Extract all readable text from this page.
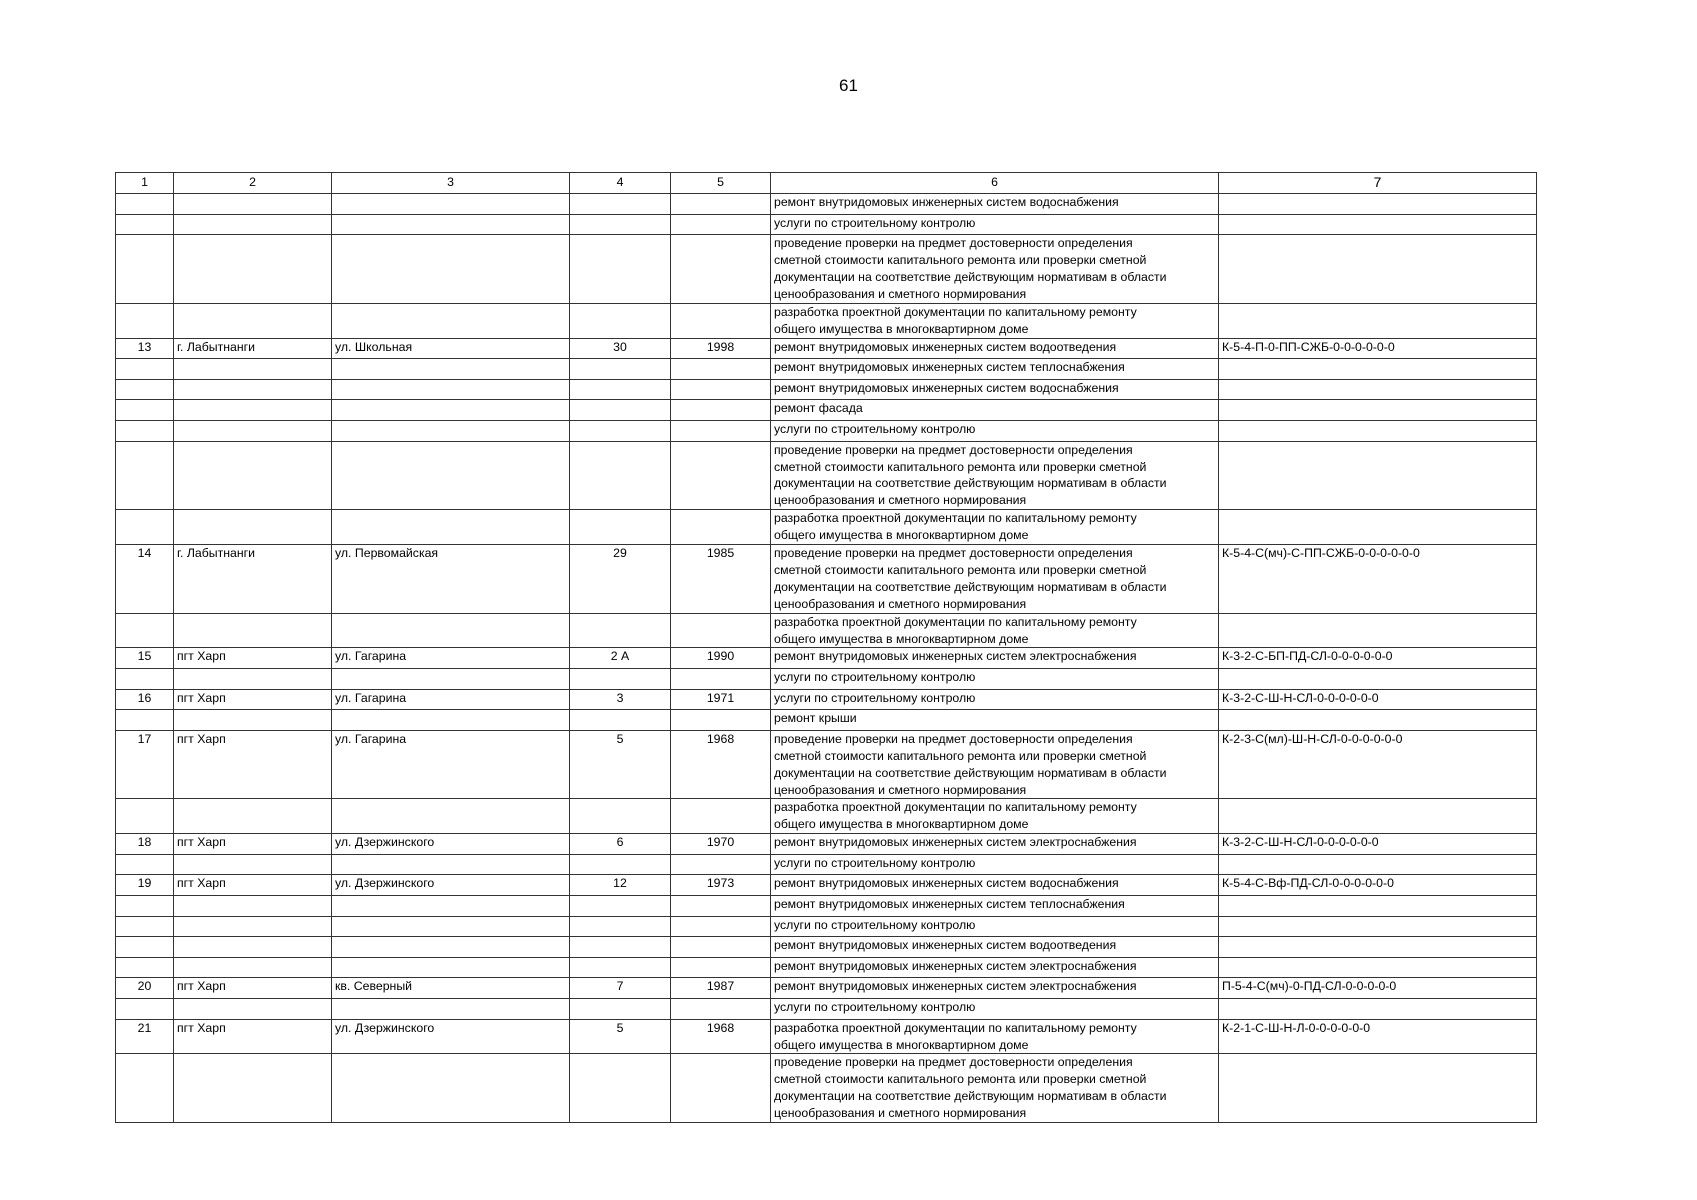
61
1	2	3	4	5	6	7
					ремонт внутридомовых инженерных систем водоснабжения	
					услуги по строительному контролю	
					проведение проверки на предмет достоверности определения
сметной стоимости капитального ремонта или проверки сметной
документации на соответствие действующим нормативам в области
ценообразования и сметного нормирования	
					разработка проектной документации по капитальному ремонту
общего имущества в многоквартирном доме	
13	г. Лабытнанги	ул. Школьная	30	1998	ремонт внутридомовых инженерных систем водоотведения	К-5-4-П-0-ПП-СЖБ-0-0-0-0-0-0
					ремонт внутридомовых инженерных систем теплоснабжения	
					ремонт внутридомовых инженерных систем водоснабжения	
					ремонт фасада	
					услуги по строительному контролю	
					проведение проверки на предмет достоверности определения
сметной стоимости капитального ремонта или проверки сметной
документации на соответствие действующим нормативам в области
ценообразования и сметного нормирования	
					разработка проектной документации по капитальному ремонту
общего имущества в многоквартирном доме	
14	г. Лабытнанги	ул. Первомайская	29	1985	проведение проверки на предмет достоверности определения
сметной стоимости капитального ремонта или проверки сметной
документации на соответствие действующим нормативам в области
ценообразования и сметного нормирования	К-5-4-С(мч)-С-ПП-СЖБ-0-0-0-0-0-0
					разработка проектной документации по капитальному ремонту
общего имущества в многоквартирном доме	
15	пгт Харп	ул. Гагарина	2 А	1990	ремонт внутридомовых инженерных систем электроснабжения	К-3-2-С-БП-ПД-СЛ-0-0-0-0-0-0
					услуги по строительному контролю	
16	пгт Харп	ул. Гагарина	3	1971	услуги по строительному контролю	К-3-2-С-Ш-Н-СЛ-0-0-0-0-0-0
					ремонт крыши	
17	пгт Харп	ул. Гагарина	5	1968	проведение проверки на предмет достоверности определения
сметной стоимости капитального ремонта или проверки сметной
документации на соответствие действующим нормативам в области
ценообразования и сметного нормирования	К-2-3-С(мл)-Ш-Н-СЛ-0-0-0-0-0-0
					разработка проектной документации по капитальному ремонту
общего имущества в многоквартирном доме	
18	пгт Харп	ул. Дзержинского	6	1970	ремонт внутридомовых инженерных систем электроснабжения	К-3-2-С-Ш-Н-СЛ-0-0-0-0-0-0
					услуги по строительному контролю	
19	пгт Харп	ул. Дзержинского	12	1973	ремонт внутридомовых инженерных систем водоснабжения	К-5-4-С-Вф-ПД-СЛ-0-0-0-0-0-0
					ремонт внутридомовых инженерных систем теплоснабжения	
					услуги по строительному контролю	
					ремонт внутридомовых инженерных систем водоотведения	
					ремонт внутридомовых инженерных систем электроснабжения	
20	пгт Харп	кв. Северный	7	1987	ремонт внутридомовых инженерных систем электроснабжения	П-5-4-С(мч)-0-ПД-СЛ-0-0-0-0-0
					услуги по строительному контролю	
21	пгт Харп	ул. Дзержинского	5	1968	разработка проектной документации по капитальному ремонту
общего имущества в многоквартирном доме	К-2-1-С-Ш-Н-Л-0-0-0-0-0-0
					проведение проверки на предмет достоверности определения
сметной стоимости капитального ремонта или проверки сметной
документации на соответствие действующим нормативам в области
ценообразования и сметного нормирования	
